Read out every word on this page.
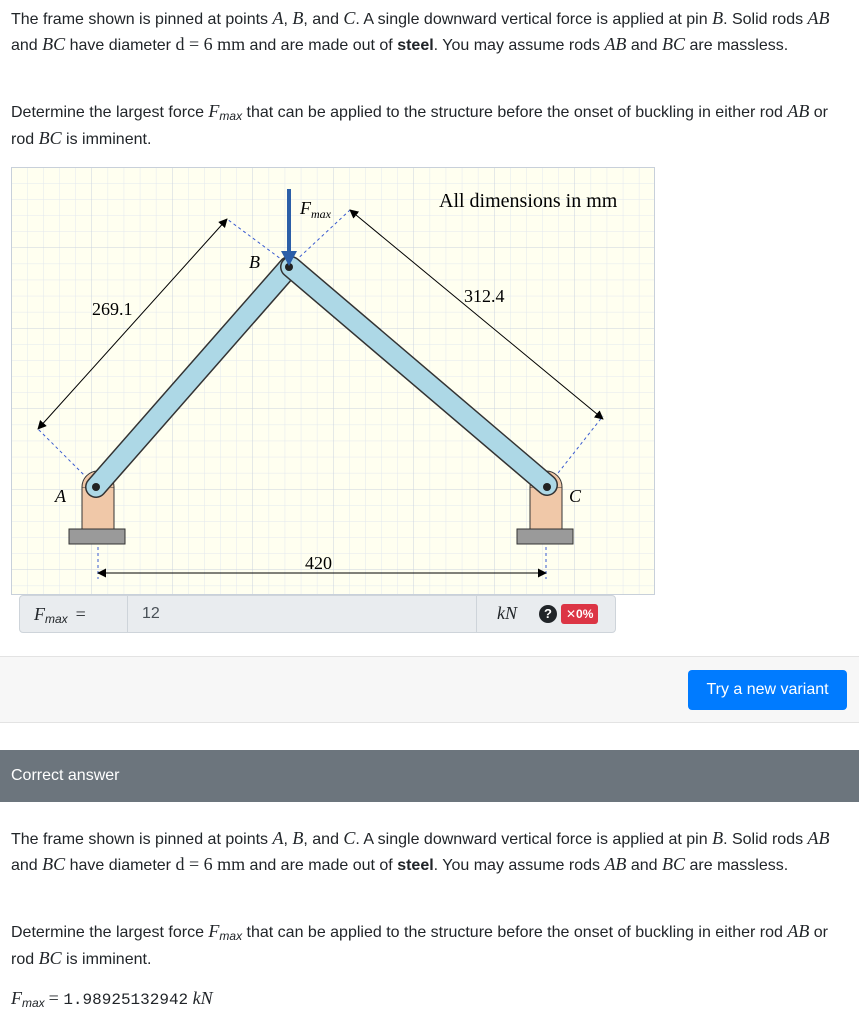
The frame shown is pinned at points A, B, and C. A single downward vertical force is applied at pin B. Solid rods AB and BC have diameter d = 6 mm and are made out of steel. You may assume rods AB and BC are massless.

Determine the largest force Fmax that can be applied to the structure before the onset of buckling in either rod AB or rod BC is imminent.

All dimensions in mm
$F_{max}$
B
A	C
269.1
312.4
420
Fmax =
12	kN	?	✕0%
Try a new variant
Correct answer

The frame shown is pinned at points A, B, and C. A single downward vertical force is applied at pin B. Solid rods AB and BC have diameter d = 6 mm and are made out of steel. You may assume rods AB and BC are massless.

Determine the largest force Fmax that can be applied to the structure before the onset of buckling in either rod AB or rod BC is imminent.

Fmax = 1.98925132942 kN
